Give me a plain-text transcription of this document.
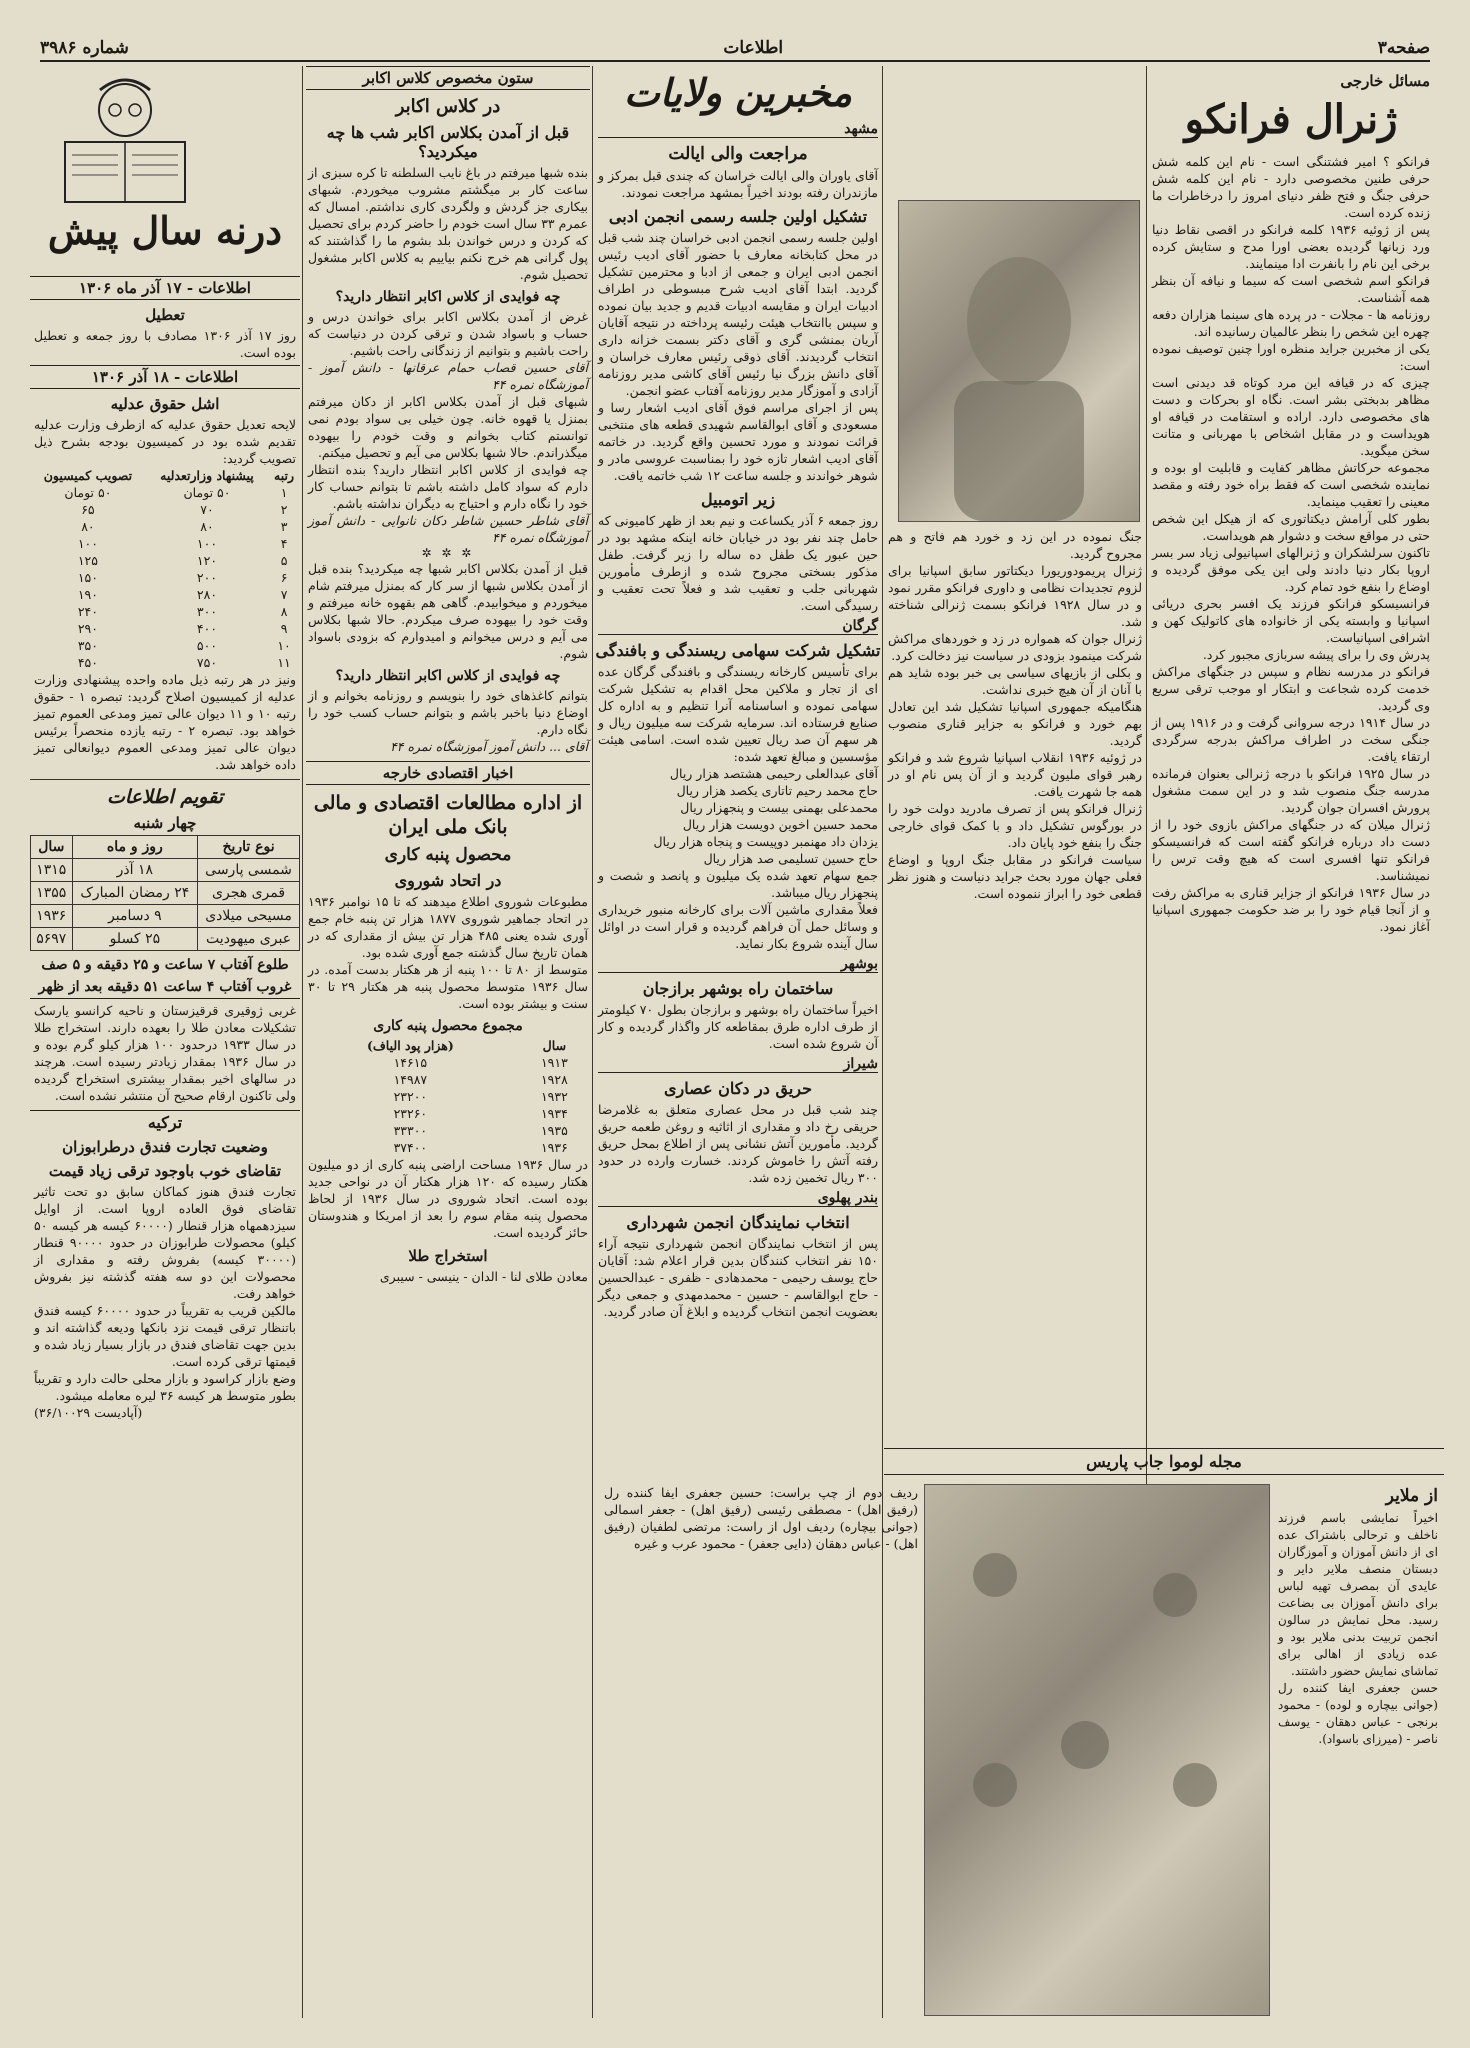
صفحه۳
اطلاعات
شماره ۳۹۸۶
مسائل خارجی
ژنرال فرانکو

فرانکو ؟ امیر فشتنگی است - نام این کلمه شش حرفی طنین مخصوصی دارد - نام این کلمه شش حرفی جنگ و فتح ظفر دنیای امروز را درخاطرات ما زنده کرده است.

پس از ژوئیه ۱۹۳۶ کلمه فرانکو در اقصی نقاط دنیا ورد زبانها گردیده بعضی اورا مدح و ستایش کرده برخی این نام را بانفرت ادا مینمایند.

فرانکو اسم شخصی است که سیما و نیافه آن بنظر همه آشناست.

روزنامه ها - مجلات - در پرده های سینما هزاران دفعه چهره این شخص را بنظر عالمیان رسانیده اند.

یکی از مخبرین جراید منظره اورا چنین توصیف نموده است:

چیزی که در قیافه این مرد کوتاه قد دیدنی است مظاهر بدبختی بشر است. نگاه او بحرکات و دست های مخصوصی دارد. اراده و استقامت در قیافه او هویداست و در مقابل اشخاص با مهربانی و متانت سخن میگوید.

مجموعه حرکاتش مظاهر کفایت و قابلیت او بوده و نماینده شخصی است که فقط براه خود رفته و مقصد معینی را تعقیب مینماید.

بطور کلی آرامش دیکتاتوری که از هیکل این شخص حتی در مواقع سخت و دشوار هم هویداست.

تاکنون سرلشکران و ژنرالهای اسپانیولی زیاد سر بسر اروپا بکار دنیا دادند ولی این یکی موفق گردیده و اوضاع را بنفع خود تمام کرد.

فرانسیسکو فرانکو فرزند یک افسر بحری دریائی اسپانیا و وابسته یکی از خانواده های کاتولیک کهن و اشرافی اسپانیاست.

پدرش وی را برای پیشه سربازی مجبور کرد.

فرانکو در مدرسه نظام و سپس در جنگهای مراکش خدمت کرده شجاعت و ابتکار او موجب ترقی سریع وی گردید.

در سال ۱۹۱۴ درجه سروانی گرفت و در ۱۹۱۶ پس از جنگی سخت در اطراف مراکش بدرجه سرگردی ارتقاء یافت.

در سال ۱۹۲۵ فرانکو با درجه ژنرالی بعنوان فرمانده مدرسه جنگ منصوب شد و در این سمت مشغول پرورش افسران جوان گردید.

ژنرال میلان که در جنگهای مراکش بازوی خود را از دست داد درباره فرانکو گفته است که فرانسیسکو فرانکو تنها افسری است که هیچ وقت ترس را نمیشناسد.

در سال ۱۹۳۶ فرانکو از جزایر قناری به مراکش رفت و از آنجا قیام خود را بر ضد حکومت جمهوری اسپانیا آغاز نمود.

جنگ نموده در این زد و خورد هم فاتح و هم مجروح گردید.

ژنرال پریمودوریورا دیکتاتور سابق اسپانیا برای لزوم تجدیدات نظامی و داوری فرانکو مقرر نمود و در سال ۱۹۲۸ فرانکو بسمت ژنرالی شناخته شد.

ژنرال جوان که همواره در زد و خوردهای مراکش شرکت مینمود بزودی در سیاست نیز دخالت کرد.

و بکلی از بازیهای سیاسی بی خبر بوده شاید هم با آنان از آن هیچ خبری نداشت.

هنگامیکه جمهوری اسپانیا تشکیل شد این تعادل بهم خورد و فرانکو به جزایر قناری منصوب گردید.

در ژوئیه ۱۹۳۶ انقلاب اسپانیا شروع شد و فرانکو رهبر قوای ملیون گردید و از آن پس نام او در همه جا شهرت یافت.

ژنرال فرانکو پس از تصرف مادرید دولت خود را در بورگوس تشکیل داد و با کمک قوای خارجی جنگ را بنفع خود پایان داد.

سیاست فرانکو در مقابل جنگ اروپا و اوضاع فعلی جهان مورد بحث جراید دنیاست و هنوز نظر قطعی خود را ابراز ننموده است.

مجله لوموا جاب پاریس
از ملایر

اخیراً نمایشی باسم فرزند ناخلف و ترحالی باشتراک عده ای از دانش آموزان و آموزگاران دبستان منصف ملایر دایر و عایدی آن بمصرف تهیه لباس برای دانش آموزان بی بضاعت رسید. محل نمایش در سالون انجمن تربیت بدنی ملایر بود و عده زیادی از اهالی برای تماشای نمایش حضور داشتند.

حسن جعفری ایفا کننده رل (جوانی بیچاره و لوده) - محمود برنجی - عباس دهقان - یوسف ناصر - (میرزای باسواد).

ردیف دوم از چپ براست: حسین جعفری ایفا کننده رل (رفیق اهل) - مصطفی رئیسی (رفیق اهل) - جعفر اسمالی (جوانی بیچاره) ردیف اول از راست: مرتضی لطفیان (رفیق اهل) - عباس دهقان (دایی جعفر) - محمود عرب و غیره

مخبرین ولایات
مشهد
مراجعت والی ایالت

آقای یاوران والی ایالت خراسان که چندی قبل بمرکز و مازندران رفته بودند اخیراً بمشهد مراجعت نمودند.

تشکیل اولین جلسه رسمی انجمن ادبی

اولین جلسه رسمی انجمن ادبی خراسان چند شب قبل در محل کتابخانه معارف با حضور آقای ادیب رئیس انجمن ادبی ایران و جمعی از ادبا و محترمین تشکیل گردید. ابتدا آقای ادیب شرح مبسوطی در اطراف ادبیات ایران و مقایسه ادبیات قدیم و جدید بیان نموده و سپس باانتخاب هیئت رئیسه پرداخته در نتیجه آقایان آریان بمنشی گری و آقای دکتر بسمت خزانه داری انتخاب گردیدند. آقای ذوقی رئیس معارف خراسان و آقای دانش بزرگ نیا رئیس آقای کاشی مدیر روزنامه آزادی و آموزگار مدیر روزنامه آفتاب عضو انجمن.

پس از اجرای مراسم فوق آقای ادیب اشعار رسا و مسعودی و آقای ابوالقاسم شهیدی قطعه های منتخبی قرائت نمودند و مورد تحسین واقع گردید. در خاتمه آقای ادیب اشعار تازه خود را بمناسبت عروسی مادر و شوهر خواندند و جلسه ساعت ۱۲ شب خاتمه یافت.

زیر اتومبیل

روز جمعه ۶ آذر یکساعت و نیم بعد از ظهر کامیونی که حامل چند نفر بود در خیابان خانه اینکه مشهد بود در حین عبور یک طفل ده ساله را زیر گرفت. طفل مذکور بسختی مجروح شده و ازطرف مأمورین شهربانی جلب و تعقیب شد و فعلاً تحت تعقیب و رسیدگی است.

گرگان
تشکیل شرکت سهامی ریسندگی و بافندگی

برای تأسیس کارخانه ریسندگی و بافندگی گرگان عده ای از تجار و ملاکین محل اقدام به تشکیل شرکت سهامی نموده و اساسنامه آنرا تنظیم و به اداره کل صنایع فرستاده اند. سرمایه شرکت سه میلیون ریال و هر سهم آن صد ریال تعیین شده است. اسامی هیئت مؤسسین و مبالغ تعهد شده:

آقای عبدالعلی رحیمی هشتصد هزار ریال

حاج محمد رحیم تاتاری یکصد هزار ریال

محمدعلی بهمنی بیست و پنجهزار ریال

محمد حسین اخوین دویست هزار ریال

یزدان داد مهنمبر دوپیست و پنجاه هزار ریال

حاج حسین تسلیمی صد هزار ریال

جمع سهام تعهد شده یک میلیون و پانصد و شصت و پنجهزار ریال میباشد.

فعلاً مقداری ماشین آلات برای کارخانه منبور خریداری و وسائل حمل آن فراهم گردیده و قرار است در اوائل سال آینده شروع بکار نماید.

بوشهر
ساختمان راه بوشهر برازجان

اخیراً ساختمان راه بوشهر و برازجان بطول ۷۰ کیلومتر از طرف اداره طرق بمقاطعه کار واگذار گردیده و کار آن شروع شده است.

شیراز
حریق در دکان عصاری

چند شب قبل در محل عصاری متعلق به غلامرضا حریقی رخ داد و مقداری از اثاثیه و روغن طعمه حریق گردید. مأمورین آتش نشانی پس از اطلاع بمحل حریق رفته آتش را خاموش کردند. خسارت وارده در حدود ۳۰۰ ریال تخمین زده شد.

بندر پهلوی
انتخاب نمایندگان انجمن شهرداری

پس از انتخاب نمایندگان انجمن شهرداری نتیجه آراء ۱۵۰ نفر انتخاب کنندگان بدین قرار اعلام شد: آقایان حاج یوسف رحیمی - محمدهادی - ظفری - عبدالحسین - حاج ابوالقاسم - حسین - محمدمهدی و جمعی دیگر بعضویت انجمن انتخاب گردیده و ابلاغ آن صادر گردید.

ستون مخصوص کلاس اکابر
در کلاس اکابر
قبل از آمدن بکلاس اکابر شب ها چه میکردید؟

بنده شبها میرفتم در باغ نایب السلطنه تا کره سبزی از ساعت کار بر میگشتم مشروب میخوردم. شبهای بیکاری جز گردش و ولگردی کاری نداشتم. امسال که عمرم ۳۳ سال است خودم را حاضر کردم برای تحصیل که کردن و درس خواندن بلد بشوم ما را گذاشتند که پول گرانی هم خرج نکنم بیاییم به کلاس اکابر مشغول تحصیل شوم.

چه فوایدی از کلاس اکابر انتظار دارید؟

غرض از آمدن بکلاس اکابر برای خواندن درس و حساب و باسواد شدن و ترقی کردن در دنیاست که راحت باشیم و بتوانیم از زندگانی راحت باشیم.

آقای حسین قصاب حمام عرقانها - دانش آموز - آموزشگاه نمره ۴۴

شبهای قبل از آمدن بکلاس اکابر از دکان میرفتم بمنزل یا قهوه خانه. چون خیلی بی سواد بودم نمی توانستم کتاب بخوانم و وقت خودم را بیهوده میگذراندم. حالا شبها بکلاس می آیم و تحصیل میکنم.

چه فوایدی از کلاس اکابر انتظار دارید؟ بنده انتظار دارم که سواد کامل داشته باشم تا بتوانم حساب کار خود را نگاه دارم و احتیاج به دیگران نداشته باشم.

آقای شاطر حسین شاطر دکان نانوایی - دانش آموز آموزشگاه نمره ۴۴

✲ ✲ ✲

قبل از آمدن بکلاس اکابر شبها چه میکردید؟ بنده قبل از آمدن بکلاس شبها از سر کار که بمنزل میرفتم شام میخوردم و میخوابیدم. گاهی هم بقهوه خانه میرفتم و وقت خود را بیهوده صرف میکردم. حالا شبها بکلاس می آیم و درس میخوانم و امیدوارم که بزودی باسواد شوم.

چه فوایدی از کلاس اکابر انتظار دارید؟

بتوانم کاغذهای خود را بنویسم و روزنامه بخوانم و از اوضاع دنیا باخبر باشم و بتوانم حساب کسب خود را نگاه دارم.

آقای ... دانش آموز آموزشگاه نمره ۴۴

اخبار اقتصادی خارجه
از اداره مطالعات اقتصادی و مالی بانک ملی ایران
محصول پنبه کاری
در اتحاد شوروی

مطبوعات شوروی اطلاع میدهند که تا ۱۵ نوامبر ۱۹۳۶ در اتحاد جماهیر شوروی ۱۸۷۷ هزار تن پنبه خام جمع آوری شده یعنی ۴۸۵ هزار تن بیش از مقداری که در همان تاریخ سال گذشته جمع آوری شده بود.

متوسط از ۸۰ تا ۱۰۰ پنبه از هر هکتار بدست آمده. در سال ۱۹۳۶ متوسط محصول پنبه هر هکتار ۲۹ تا ۳۰ سنت و بیشتر بوده است.

مجموع محصول پنبه کاری
سال	(هزار پود الیاف)
۱۹۱۳	۱۴۶۱۵
۱۹۲۸	۱۴۹۸۷
۱۹۳۲	۲۳۲۰۰
۱۹۳۴	۲۳۲۶۰
۱۹۳۵	۳۳۳۰۰
۱۹۳۶	۳۷۴۰۰

در سال ۱۹۳۶ مساحت اراضی پنبه کاری از دو میلیون هکتار رسیده که ۱۲۰ هزار هکتار آن در نواحی جدید بوده است. اتحاد شوروی در سال ۱۹۳۶ از لحاظ محصول پنبه مقام سوم را بعد از امریکا و هندوستان حائز گردیده است.

استخراج طلا

معادن طلای لنا - الدان - ینیسی - سیبری

درنه سال پیش
اطلاعات - ۱۷ آذر ماه ۱۳۰۶
تعطیل

روز ۱۷ آذر ۱۳۰۶ مصادف با روز جمعه و تعطیل بوده است.

اطلاعات - ۱۸ آذر ۱۳۰۶
اشل حقوق عدلیه

لایحه تعدیل حقوق عدلیه که ازطرف وزارت عدلیه تقدیم شده بود در کمیسیون بودجه بشرح ذیل تصویب گردید:

رتبه	پیشنهاد وزارتعدلیه	تصویب کمیسیون
۱	۵۰ تومان	۵۰ تومان
۲	۷۰	۶۵
۳	۸۰	۸۰
۴	۱۰۰	۱۰۰
۵	۱۲۰	۱۲۵
۶	۲۰۰	۱۵۰
۷	۲۸۰	۱۹۰
۸	۳۰۰	۲۴۰
۹	۴۰۰	۲۹۰
۱۰	۵۰۰	۳۵۰
۱۱	۷۵۰	۴۵۰

ونیز در هر رتبه ذیل ماده واحده پیشنهادی وزارت عدلیه از کمیسیون اصلاح گردید: تبصره ۱ - حقوق رتبه ۱۰ و ۱۱ دیوان عالی تمیز ومدعی العموم تمیز خواهد بود. تبصره ۲ - رتبه یازده منحصراً برئیس دیوان عالی تمیز ومدعی العموم دیوانعالی تمیز داده خواهد شد.

تقویم اطلاعات
چهار شنبه
نوع تاریخ	روز و ماه	سال
شمسی پارسی	۱۸ آذر	۱۳۱۵
قمری هجری	۲۴ رمضان المبارک	۱۳۵۵
مسیحی میلادی	۹ دسامبر	۱۹۳۶
عبری میهودیت	۲۵ کسلو	۵۶۹۷
طلوع آفتاب ۷ ساعت و ۲۵ دقیقه و ۵ صف
غروب آفتاب ۴ ساعت ۵۱ دقیقه بعد از ظهر

غربی ژوقیری قرقیزستان و ناحیه کرانسو یارسک تشکیلات معادن طلا را بعهده دارند. استخراج طلا در سال ۱۹۳۳ درحدود ۱۰۰ هزار کیلو گرم بوده و در سال ۱۹۳۶ بمقدار زیادتر رسیده است. هرچند در سالهای اخیر بمقدار بیشتری استخراج گردیده ولی تاکنون ارقام صحیح آن منتشر نشده است.

ترکیه
وضعیت تجارت فندق درطرابوزان
تقاضای خوب باوجود ترقی زیاد قیمت

تجارت فندق هنوز کماکان سابق دو تحت تاثیر تقاضای فوق العاده اروپا است. از اوایل سیزدهمهاه هزار قنطار (۶۰۰۰۰ کیسه هر کیسه ۵۰ کیلو) محصولات طرابوزان در حدود ۹۰۰۰۰ قنطار (۳۰۰۰۰ کیسه) بفروش رفته و مقداری از محصولات این دو سه هفته گذشته نیز بفروش خواهد رفت.

مالکین قریب به تقریباً در حدود ۶۰۰۰۰ کیسه فندق باتنظار ترقی قیمت نزد بانکها ودیعه گذاشته اند و بدین جهت تقاضای فندق در بازار بسیار زیاد شده و قیمتها ترقی کرده است.

وضع بازار کراسود و بازار محلی حالت دارد و تقریباً بطور متوسط هر کیسه ۳۶ لیره معامله میشود.

(آپادیست ۳۶/۱۰۰۲۹)
